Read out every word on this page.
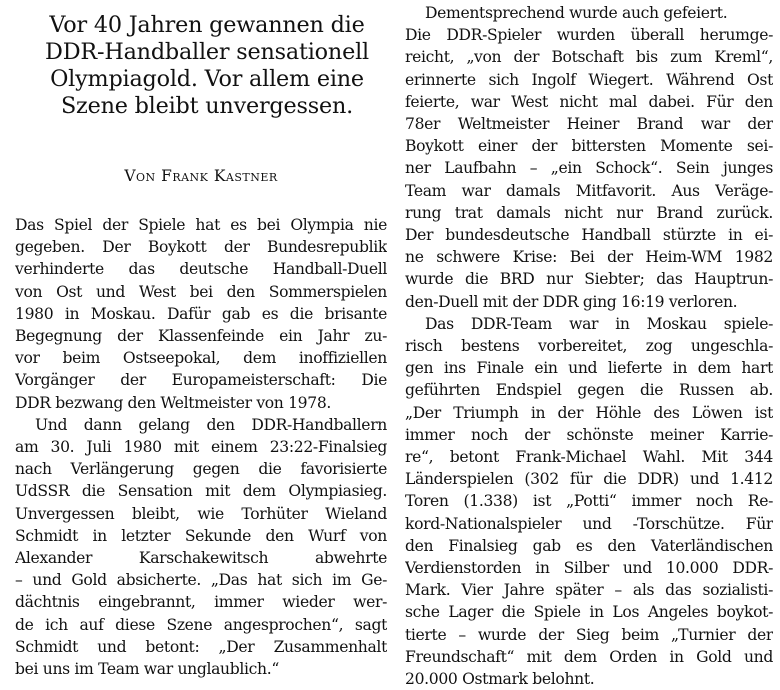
Vor 40 Jahren gewannen die
DDR-Handballer sensationell
Olympiagold. Vor allem eine
Szene bleibt unvergessen.
Von Frank Kastner
Das Spiel der Spiele hat es bei Olympia nie
gegeben. Der Boykott der Bundesrepublik
verhinderte das deutsche Handball-Duell
von Ost und West bei den Sommerspielen
1980 in Moskau. Dafür gab es die brisante
Begegnung der Klassenfeinde ein Jahr zu-
vor beim Ostseepokal, dem inoffiziellen
Vorgänger der Europameisterschaft: Die
DDR bezwang den Weltmeister von 1978.
Und dann gelang den DDR-Handballern
am 30. Juli 1980 mit einem 23:22-Finalsieg
nach Verlängerung gegen die favorisierte
UdSSR die Sensation mit dem Olympiasieg.
Unvergessen bleibt, wie Torhüter Wieland
Schmidt in letzter Sekunde den Wurf von
Alexander Karschakewitsch abwehrte
– und Gold absicherte. „Das hat sich im Ge-
dächtnis eingebrannt, immer wieder wer-
de ich auf diese Szene angesprochen“, sagt
Schmidt und betont: „Der Zusammenhalt
bei uns im Team war unglaublich.“
Dementsprechend wurde auch gefeiert.
Die DDR-Spieler wurden überall herumge-
reicht, „von der Botschaft bis zum Kreml“,
erinnerte sich Ingolf Wiegert. Während Ost
feierte, war West nicht mal dabei. Für den
78er Weltmeister Heiner Brand war der
Boykott einer der bittersten Momente sei-
ner Laufbahn – „ein Schock“. Sein junges
Team war damals Mitfavorit. Aus Veräge-
rung trat damals nicht nur Brand zurück.
Der bundesdeutsche Handball stürzte in ei-
ne schwere Krise: Bei der Heim-WM 1982
wurde die BRD nur Siebter; das Hauptrun-
den-Duell mit der DDR ging 16:19 verloren.
Das DDR-Team war in Moskau spiele-
risch bestens vorbereitet, zog ungeschla-
gen ins Finale ein und lieferte in dem hart
geführten Endspiel gegen die Russen ab.
„Der Triumph in der Höhle des Löwen ist
immer noch der schönste meiner Karrie-
re“, betont Frank-Michael Wahl. Mit 344
Länderspielen (302 für die DDR) und 1.412
Toren (1.338) ist „Potti“ immer noch Re-
kord-Nationalspieler und -Torschütze. Für
den Finalsieg gab es den Vaterländischen
Verdienstorden in Silber und 10.000 DDR-
Mark. Vier Jahre später – als das sozialisti-
sche Lager die Spiele in Los Angeles boykot-
tierte – wurde der Sieg beim „Turnier der
Freundschaft“ mit dem Orden in Gold und
20.000 Ostmark belohnt.
